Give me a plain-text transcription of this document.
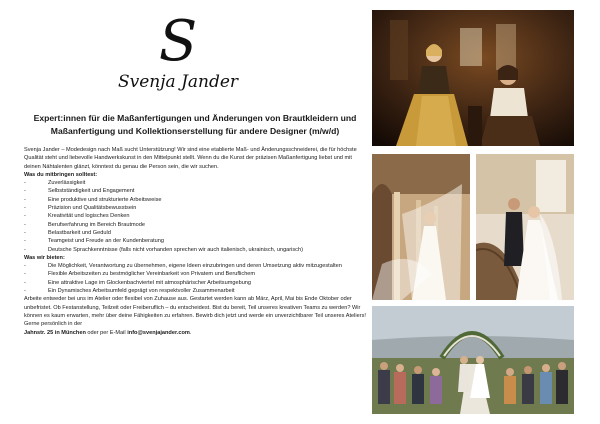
S
Svenja Jander
Expert:innen für die Maßanfertigungen und Änderungen von Brautkleidern und
Maßanfertigung und Kollektionserstellung für andere Designer (m/w/d)

Svenja Jander – Modedesign nach Maß sucht Unterstützung! Wir sind eine etablierte Maß- und Änderungsschneiderei, die für höchste Qualität steht und liebevolle Handwerkskunst in den Mittelpunkt stellt. Wenn du die Kunst der präzisen Maßanfertigung liebst und mit deinen Nähtalenten glänzt, könntest du genau die Person sein, die wir suchen.

Was du mitbringen solltest:

-	Zuverlässigkeit
-	Selbstständigkeit und Engagement
-	Eine produktive und strukturierte Arbeitsweise
-	Präzision und Qualitätsbewusstsein
-	Kreativität und logisches Denken
-	Berufserfahrung im Bereich Brautmode
-	Belastbarkeit und Geduld
-	Teamgeist und Freude an der Kundenberatung
-	Deutsche Sprachkenntnisse (falls nicht vorhanden sprechen wir auch italienisch, ukrainisch, ungarisch)

Was wir bieten:

-	Die Möglichkeit, Verantwortung zu übernehmen, eigene Ideen einzubringen und deren Umsetzung aktiv mitzugestalten
-	Flexible Arbeitszeiten zu bestmöglicher Vereinbarkeit von Privatem und Beruflichem
-	Eine attraktive Lage im Glockenbachviertel mit atmosphärischer Arbeitsumgebung
-	Ein Dynamisches Arbeitsumfeld geprägt von respektvoller Zusammenarbeit

Arbeite entweder bei uns im Atelier oder flexibel von Zuhause aus. Gestartet werden kann ab März, April, Mai bis Ende Oktober oder unbefristet. Ob Festanstellung, Teilzeit oder Freiberuflich – du entscheidest. Bist du bereit, Teil unseres kreativen Teams zu werden? Wir können es kaum erwarten, mehr über deine Fähigkeiten zu erfahren. Bewirb dich jetzt und werde ein unverzichtbarer Teil unseres Ateliers! Gerne persönlich in der

Jahnstr. 25 in München oder per E-Mail info@svenjajander.com.
